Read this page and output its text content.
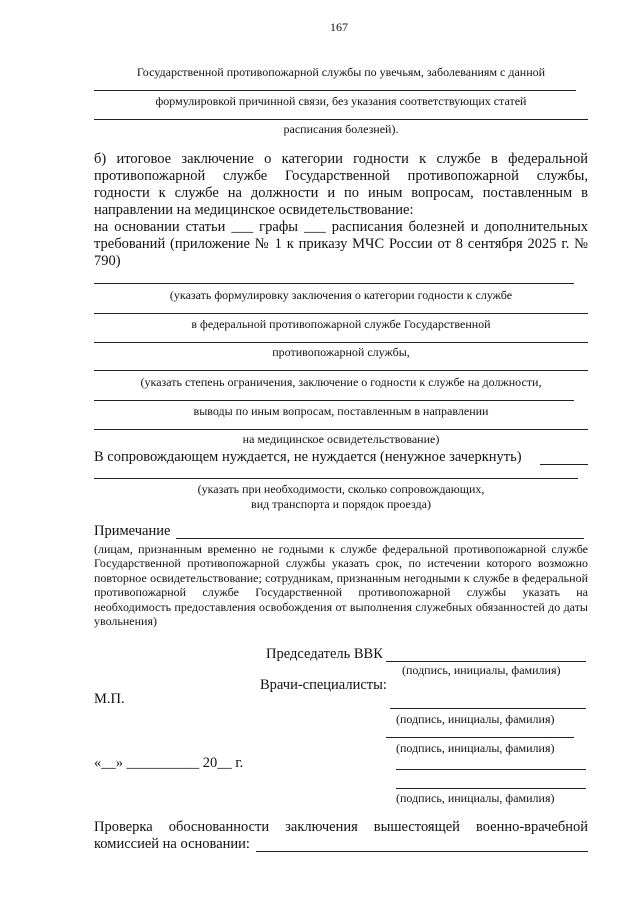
167
Государственной противопожарной службы по увечьям, заболеваниям с данной
формулировкой причинной связи, без указания соответствующих статей
расписания болезней).
б) итоговое заключение о категории годности к службе в федеральной противопожарной службе Государственной противопожарной службы, годности к службе на должности и по иным вопросам, поставленным в направлении на медицинское освидетельствование:
на основании статьи ___ графы ___ расписания болезней и дополнительных требований (приложение № 1 к приказу МЧС России от 8 сентября 2025 г. № 790)
(указать формулировку заключения о категории годности к службе
в федеральной противопожарной службе Государственной
противопожарной службы,
(указать степень ограничения, заключение о годности к службе на должности,
выводы по иным вопросам, поставленным в направлении
на медицинское освидетельствование)
В сопровождающем нуждается, не нуждается (ненужное зачеркнуть)
(указать при необходимости, сколько сопровождающих,
вид транспорта и порядок проезда)
Примечание
(лицам, признанным временно не годными к службе федеральной противопожарной службе Государственной противопожарной службы указать срок, по истечении которого возможно повторное освидетельствование; сотрудникам, признанным негодными к службе в федеральной противопожарной службе Государственной противопожарной службы указать на необходимость предоставления освобождения от выполнения служебных обязанностей до даты увольнения)
Председатель ВВК
(подпись, инициалы, фамилия)
Врачи-специалисты:
М.П.
(подпись, инициалы, фамилия)
(подпись, инициалы, фамилия)
«__» __________ 20__ г.
(подпись, инициалы, фамилия)
Проверка обоснованности заключения вышестоящей военно-врачебной комиссией на основании:
